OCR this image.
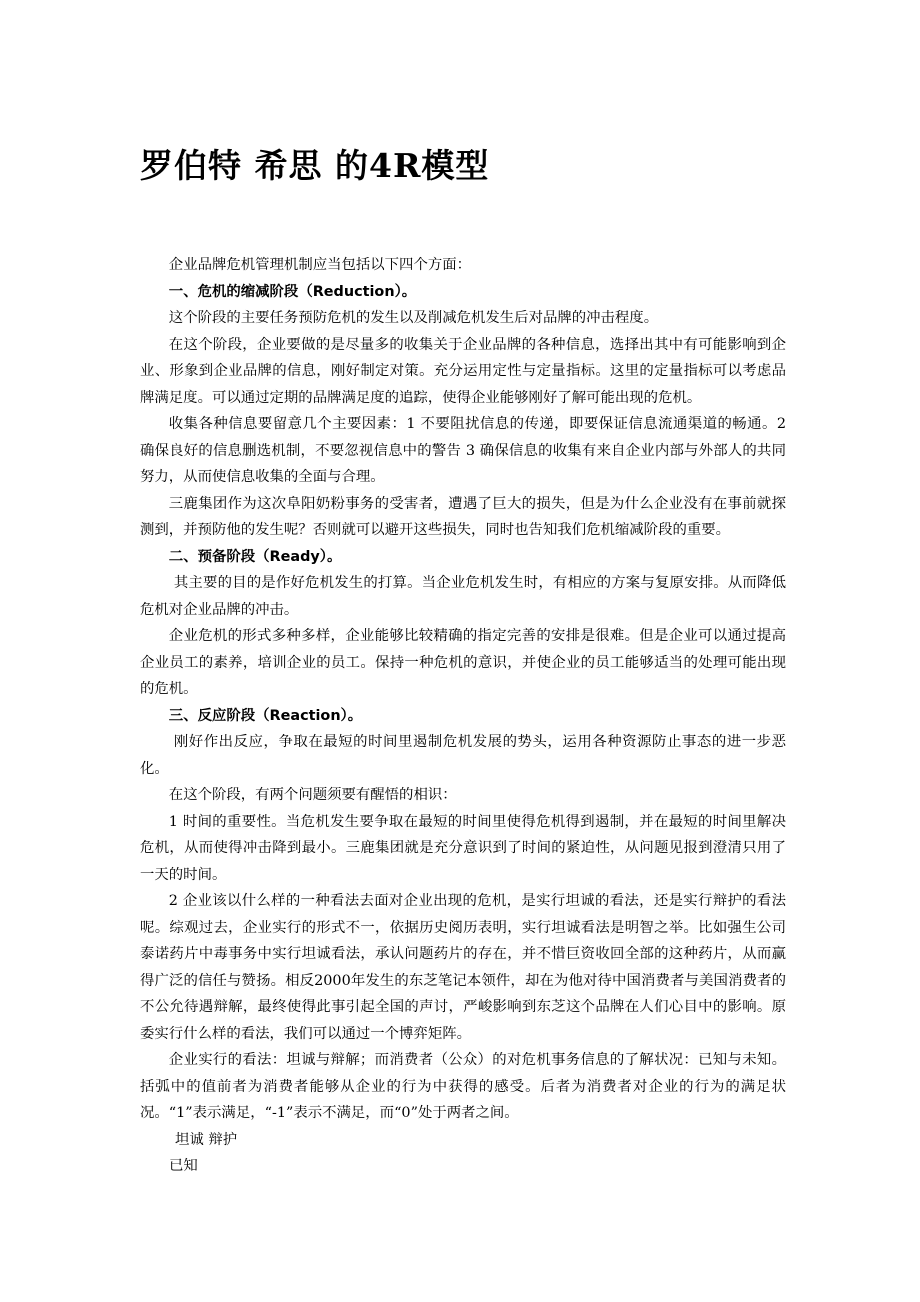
罗伯特 希思 的4R模型

企业品牌危机管理机制应当包括以下四个方面：

一、危机的缩减阶段（Reduction）。

这个阶段的主要任务预防危机的发生以及削减危机发生后对品牌的冲击程度。

在这个阶段，企业要做的是尽量多的收集关于企业品牌的各种信息，选择出其中有可能影响到企业、形象到企业品牌的信息，刚好制定对策。充分运用定性与定量指标。这里的定量指标可以考虑品牌满足度。可以通过定期的品牌满足度的追踪，使得企业能够刚好了解可能出现的危机。

收集各种信息要留意几个主要因素：1 不要阻扰信息的传递，即要保证信息流通渠道的畅通。2 确保良好的信息删选机制，不要忽视信息中的警告 3 确保信息的收集有来自企业内部与外部人的共同努力，从而使信息收集的全面与合理。

三鹿集团作为这次阜阳奶粉事务的受害者，遭遇了巨大的损失，但是为什么企业没有在事前就探测到，并预防他的发生呢？否则就可以避开这些损失，同时也告知我们危机缩减阶段的重要。

二、预备阶段（Ready）。

其主要的目的是作好危机发生的打算。当企业危机发生时，有相应的方案与复原安排。从而降低危机对企业品牌的冲击。

企业危机的形式多种多样，企业能够比较精确的指定完善的安排是很难。但是企业可以通过提高企业员工的素养，培训企业的员工。保持一种危机的意识，并使企业的员工能够适当的处理可能出现的危机。

三、反应阶段（Reaction）。

刚好作出反应，争取在最短的时间里遏制危机发展的势头，运用各种资源防止事态的进一步恶化。

在这个阶段，有两个问题须要有醒悟的相识：

1 时间的重要性。当危机发生要争取在最短的时间里使得危机得到遏制，并在最短的时间里解决危机，从而使得冲击降到最小。三鹿集团就是充分意识到了时间的紧迫性，从问题见报到澄清只用了一天的时间。

2 企业该以什么样的一种看法去面对企业出现的危机，是实行坦诚的看法，还是实行辩护的看法呢。综观过去，企业实行的形式不一，依据历史阅历表明，实行坦诚看法是明智之举。比如强生公司泰诺药片中毒事务中实行坦诚看法，承认问题药片的存在，并不惜巨资收回全部的这种药片，从而赢得广泛的信任与赞扬。相反2000年发生的东芝笔记本领件，却在为他对待中国消费者与美国消费者的不公允待遇辩解，最终使得此事引起全国的声讨，严峻影响到东芝这个品牌在人们心目中的影响。原委实行什么样的看法，我们可以通过一个博弈矩阵。

企业实行的看法：坦诚与辩解；而消费者（公众）的对危机事务信息的了解状况：已知与未知。括弧中的值前者为消费者能够从企业的行为中获得的感受。后者为消费者对企业的行为的满足状况。“1”表示满足，“-1”表示不满足，而“0”处于两者之间。

坦诚 辩护

已知
